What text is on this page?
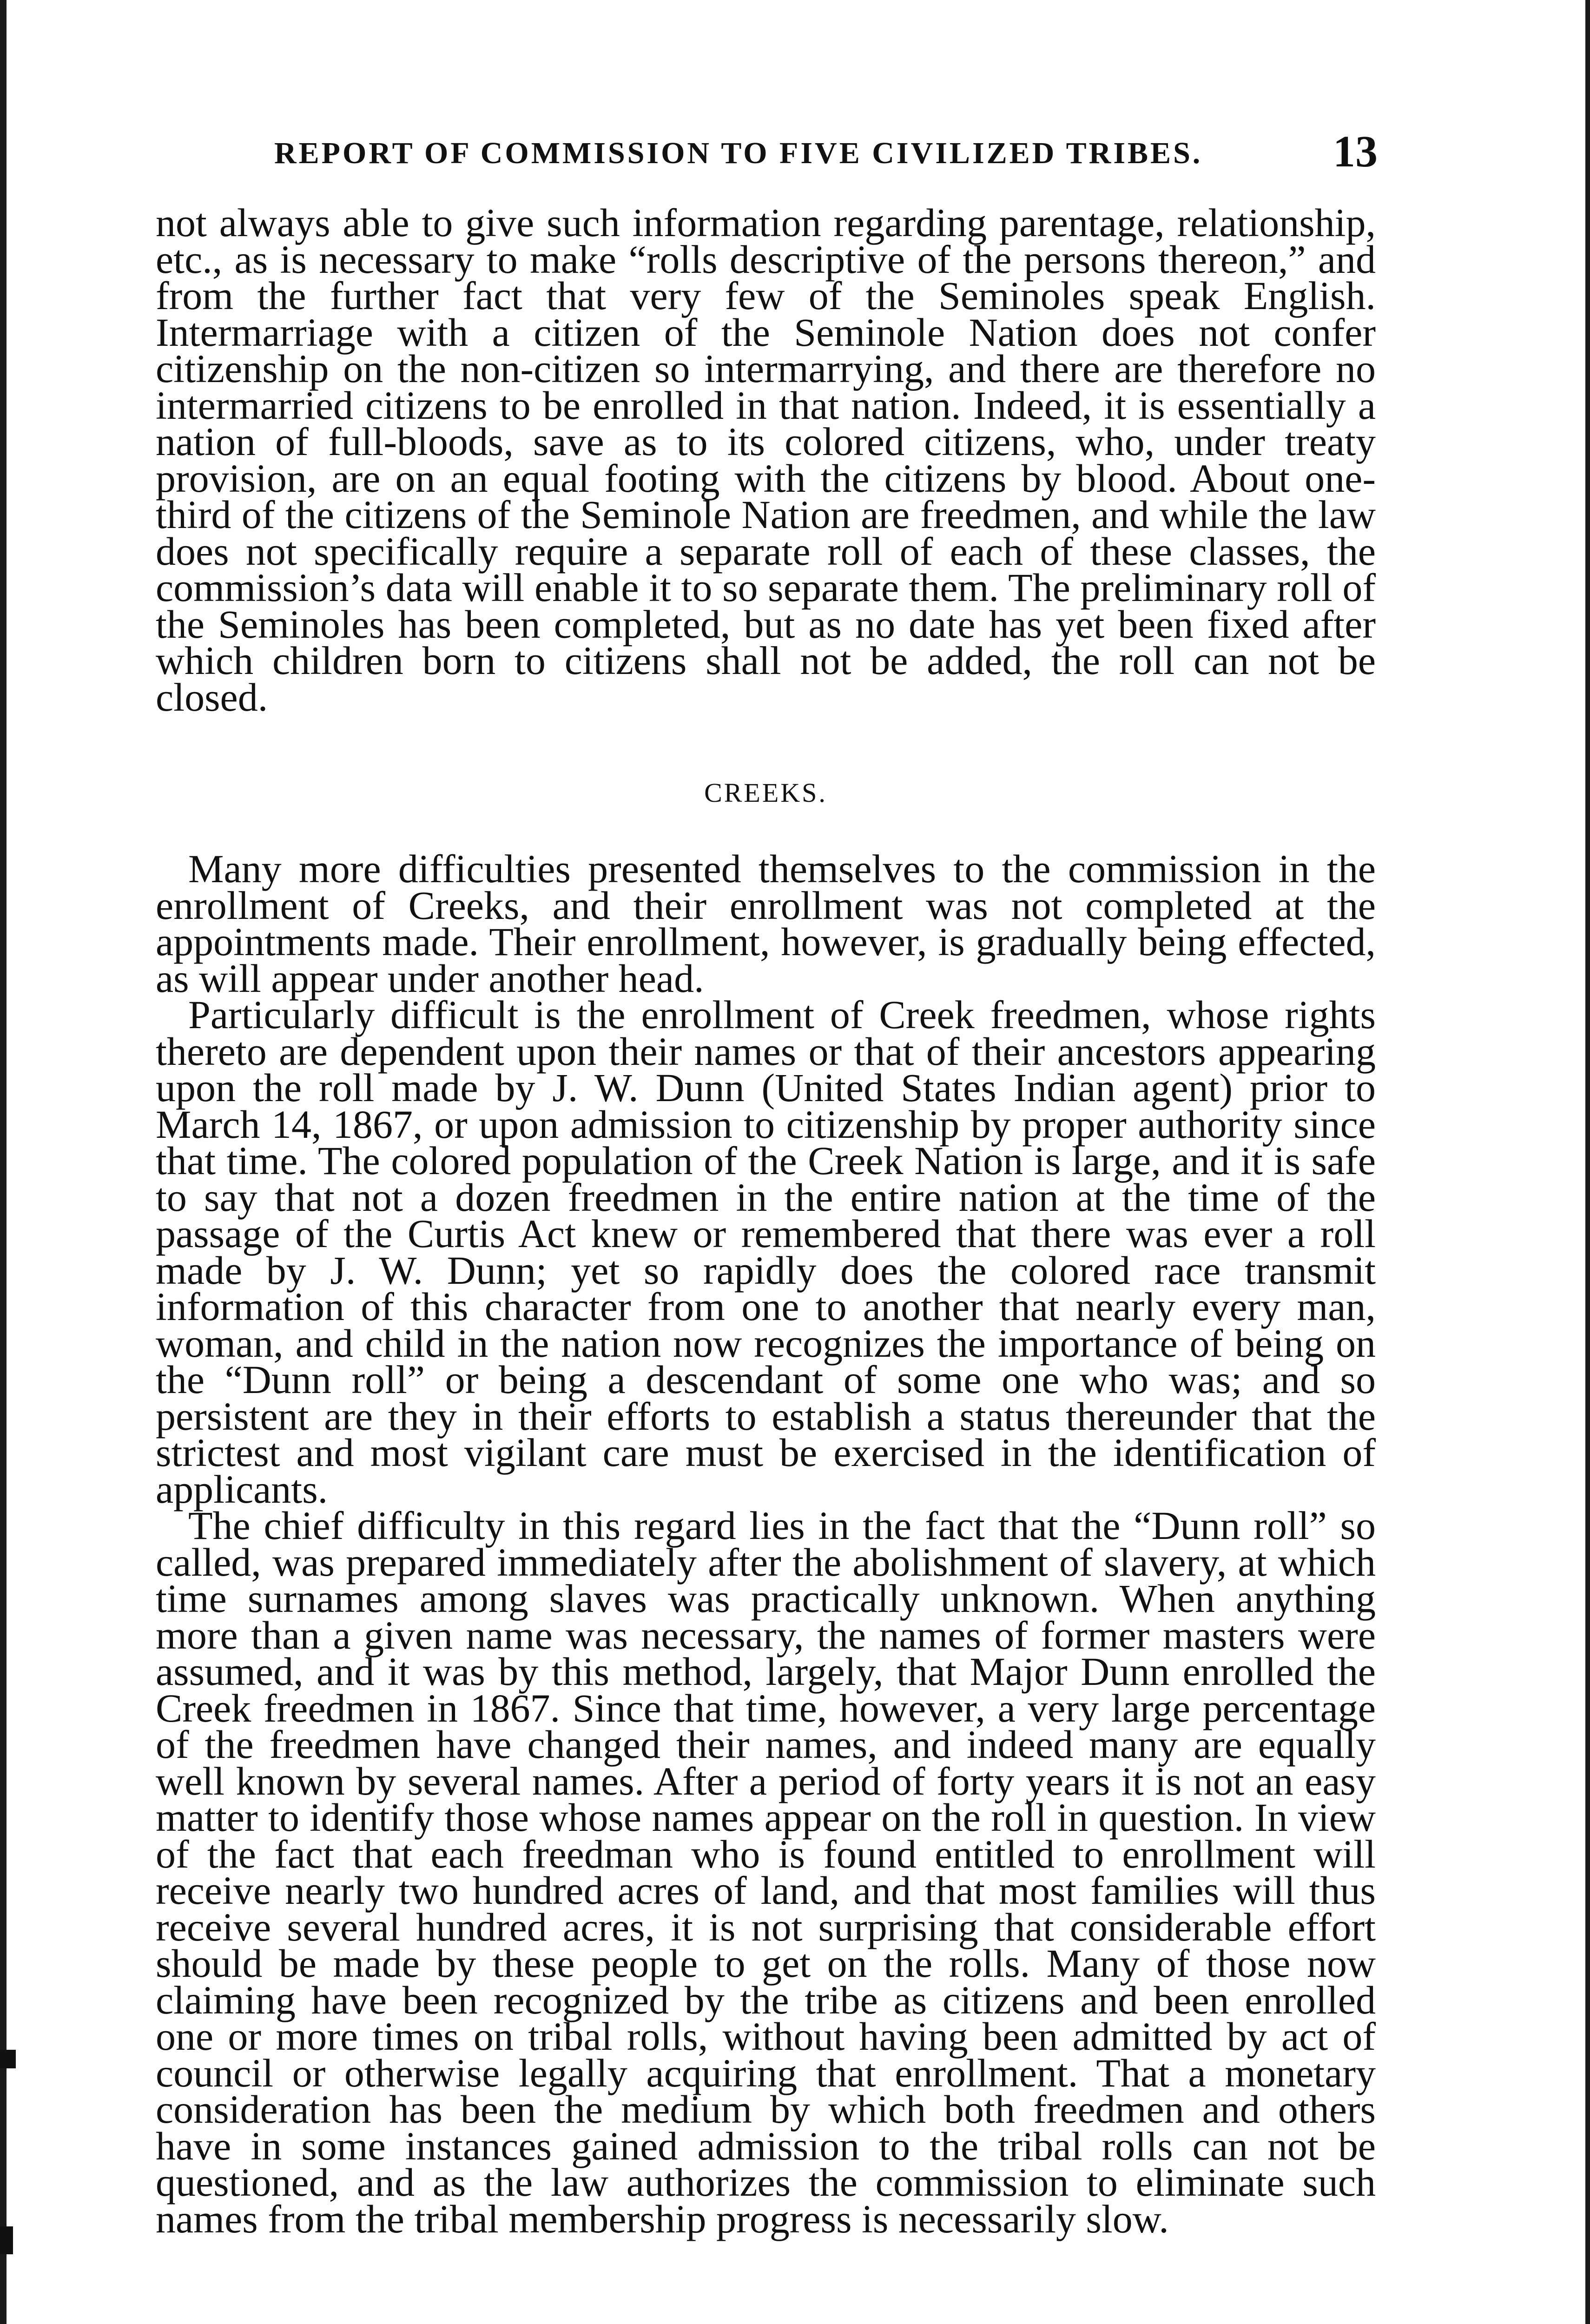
REPORT OF COMMISSION TO FIVE CIVILIZED TRIBES.	13

not always able to give such information regarding parentage, relationship, etc., as is necessary to make “rolls descriptive of the persons thereon,” and from the further fact that very few of the Seminoles speak English. Intermarriage with a citizen of the Seminole Nation does not confer citizenship on the non-citizen so intermarrying, and there are therefore no intermarried citizens to be enrolled in that nation. Indeed, it is essentially a nation of full-bloods, save as to its colored citizens, who, under treaty provision, are on an equal footing with the citizens by blood. About one-third of the citizens of the Seminole Nation are freedmen, and while the law does not specifically require a separate roll of each of these classes, the commission’s data will enable it to so separate them. The preliminary roll of the Seminoles has been completed, but as no date has yet been fixed after which children born to citizens shall not be added, the roll can not be closed.

CREEKS.

Many more difficulties presented themselves to the commission in the enrollment of Creeks, and their enrollment was not completed at the appointments made. Their enrollment, however, is gradually being effected, as will appear under another head.

Particularly difficult is the enrollment of Creek freedmen, whose rights thereto are dependent upon their names or that of their ancestors appearing upon the roll made by J. W. Dunn (United States Indian agent) prior to March 14, 1867, or upon admission to citizenship by proper authority since that time. The colored population of the Creek Nation is large, and it is safe to say that not a dozen freedmen in the entire nation at the time of the passage of the Curtis Act knew or remembered that there was ever a roll made by J. W. Dunn; yet so rapidly does the colored race transmit information of this character from one to another that nearly every man, woman, and child in the nation now recognizes the importance of being on the “Dunn roll” or being a descendant of some one who was; and so persistent are they in their efforts to establish a status thereunder that the strictest and most vigilant care must be exercised in the identification of applicants.

The chief difficulty in this regard lies in the fact that the “Dunn roll” so called, was prepared immediately after the abolishment of slavery, at which time surnames among slaves was practically unknown. When anything more than a given name was necessary, the names of former masters were assumed, and it was by this method, largely, that Major Dunn enrolled the Creek freedmen in 1867. Since that time, however, a very large percentage of the freedmen have changed their names, and indeed many are equally well known by several names. After a period of forty years it is not an easy matter to identify those whose names appear on the roll in question. In view of the fact that each freedman who is found entitled to enrollment will receive nearly two hundred acres of land, and that most families will thus receive several hundred acres, it is not surprising that considerable effort should be made by these people to get on the rolls. Many of those now claiming have been recognized by the tribe as citizens and been enrolled one or more times on tribal rolls, without having been admitted by act of council or otherwise legally acquiring that enrollment. That a monetary consideration has been the medium by which both freedmen and others have in some instances gained admission to the tribal rolls can not be questioned, and as the law authorizes the commission to eliminate such names from the tribal membership progress is necessarily slow.
